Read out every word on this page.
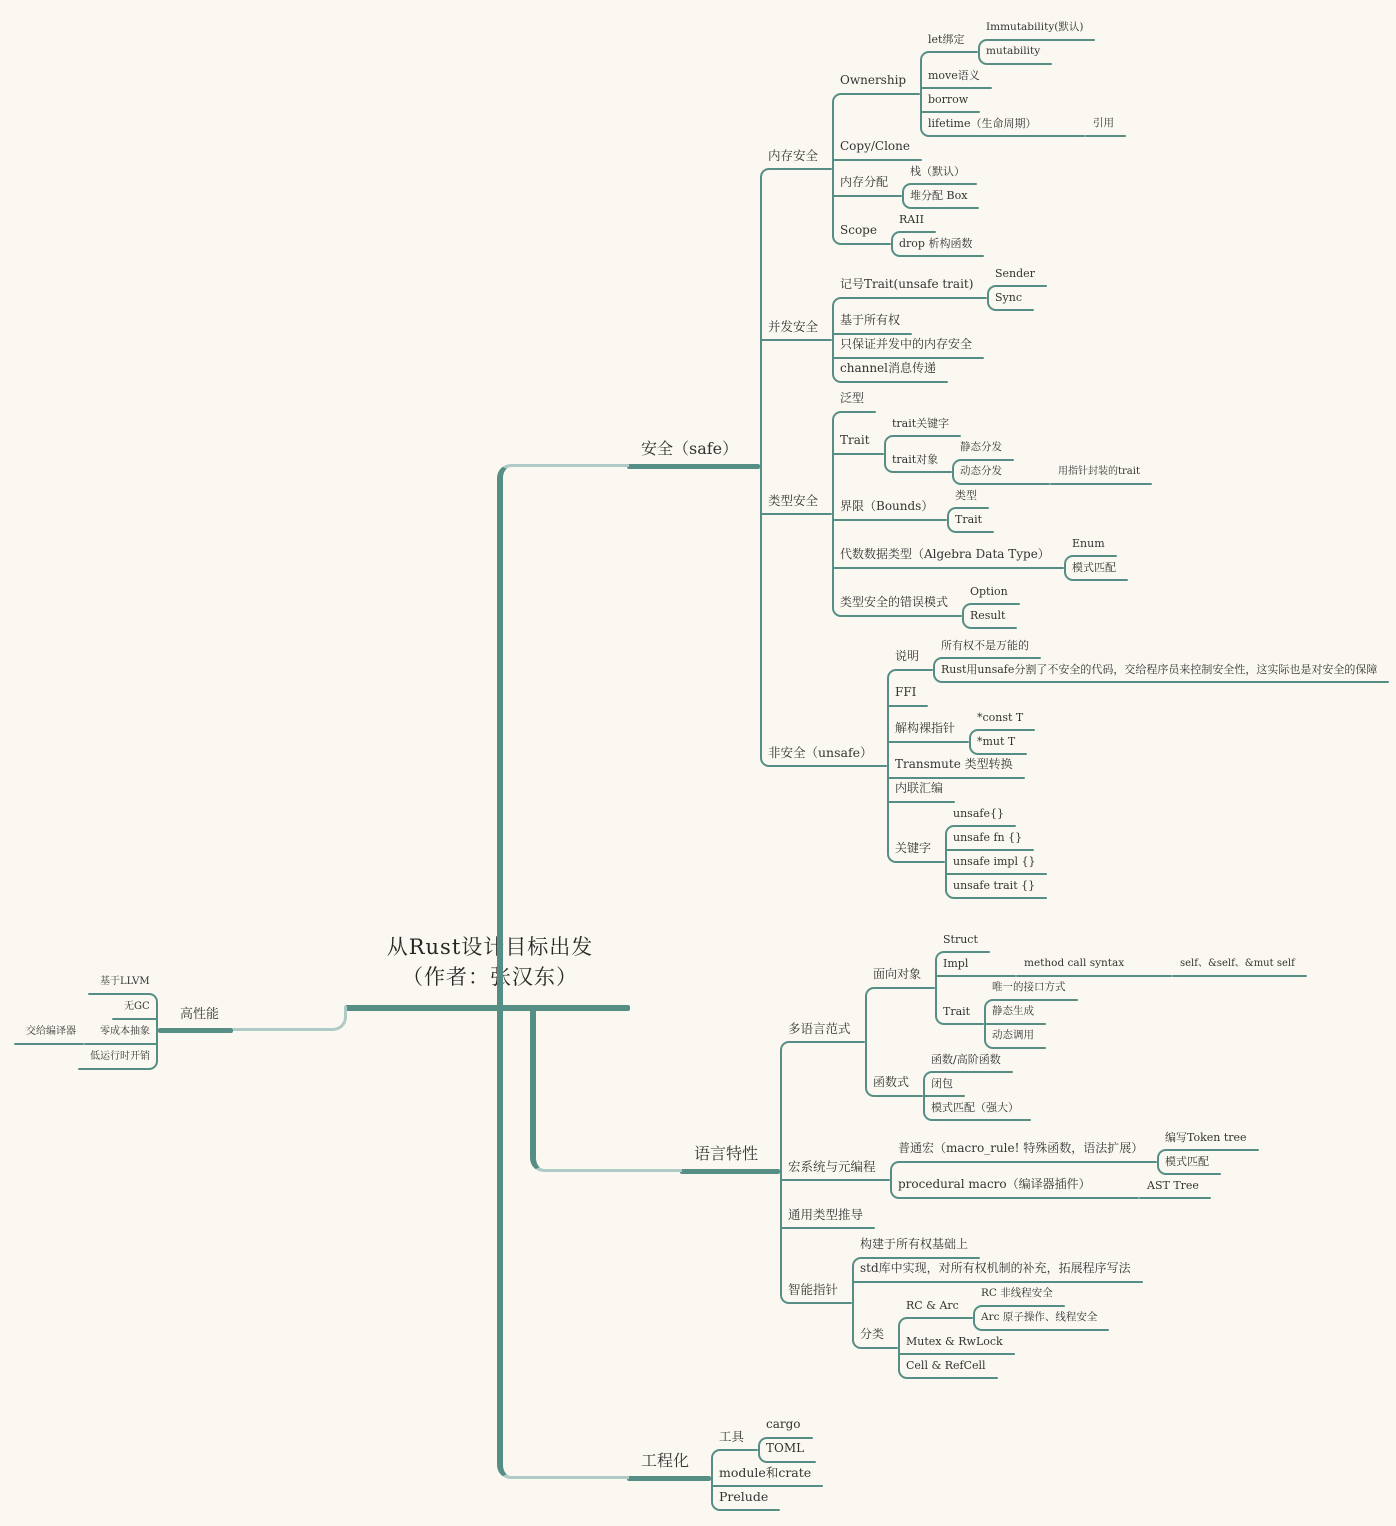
从Rust设计目标出发
（作者：张汉东）
Immutability(默认)
mutability
let绑定
move语义
borrow
引用
lifetime（生命周期）
Ownership
Copy/Clone
栈（默认）
堆分配 Box
内存分配
RAII
drop 析构函数
Scope
内存安全
Sender
Sync
记号Trait(unsafe trait)
基于所有权
只保证并发中的内存安全
channel消息传递
并发安全
泛型
trait关键字
静态分发
用指针封装的trait
动态分发
trait对象
Trait
类型
Trait
界限（Bounds）
Enum
模式匹配
代数数据类型（Algebra Data Type）
Option
Result
类型安全的错误模式
类型安全
所有权不是万能的
Rust用unsafe分割了不安全的代码，交给程序员来控制安全性，这实际也是对安全的保障
说明
FFI
*const T
*mut T
解构裸指针
Transmute 类型转换
内联汇编
unsafe{}
unsafe fn {}
unsafe impl {}
unsafe trait {}
关键字
非安全（unsafe）
安全（safe）
基于LLVM
无GC
交给编译器 零成本抽象
低运行时开销
高性能
Struct
self、&self、&mut self
method call syntax
Impl
唯一的接口方式
静态生成
动态调用
Trait
面向对象
函数/高阶函数
闭包
模式匹配（强大）
函数式
多语言范式
编写Token tree
模式匹配
普通宏（macro_rule! 特殊函数，语法扩展）
AST Tree
procedural macro（编译器插件）
宏系统与元编程
通用类型推导
构建于所有权基础上
std库中实现，对所有权机制的补充，拓展程序写法
RC 非线程安全
Arc 原子操作、线程安全
RC & Arc
Mutex & RwLock
Cell & RefCell
分类
智能指针
语言特性
cargo
TOML
工具
module和crate
Prelude
工程化
